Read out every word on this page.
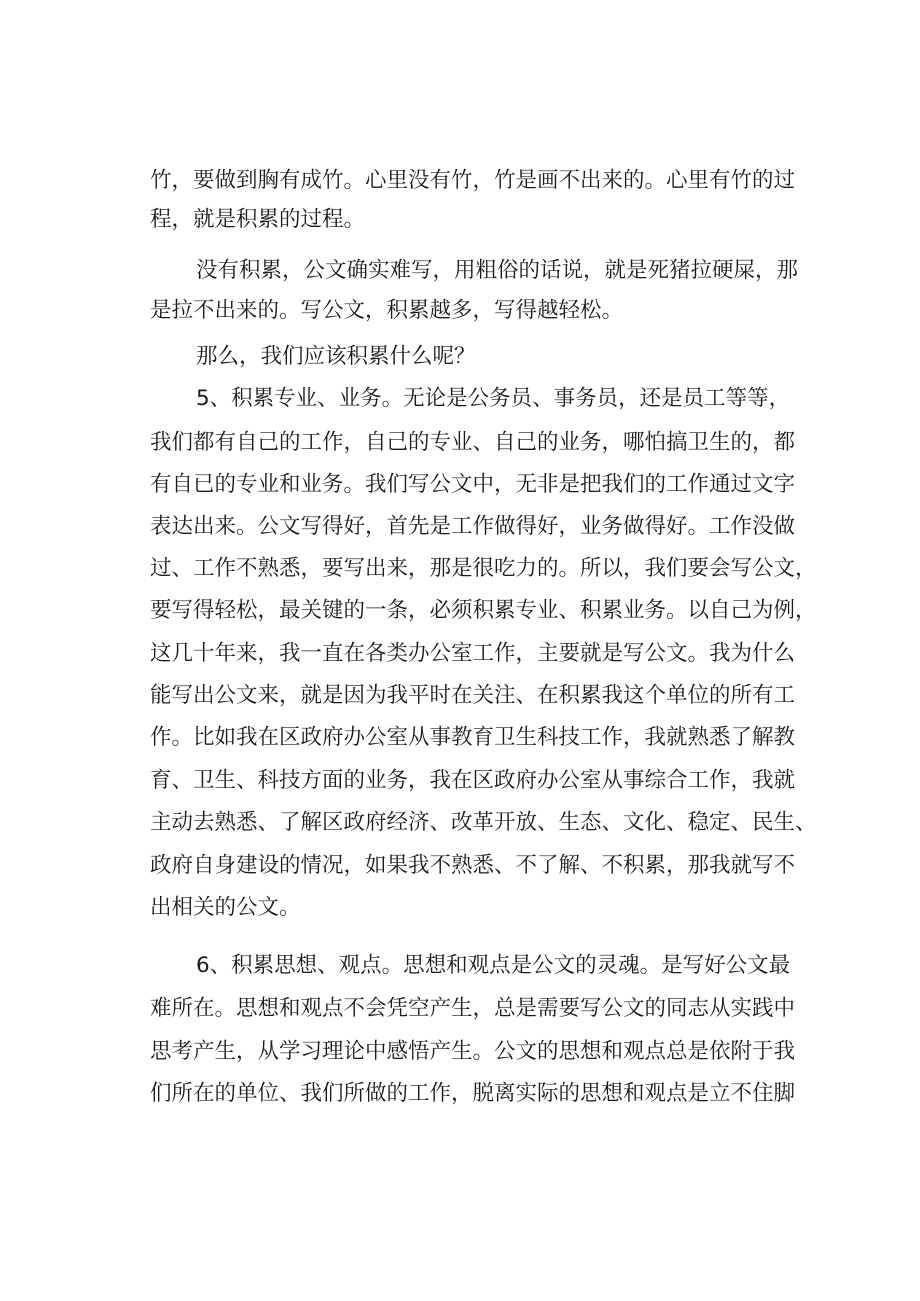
竹，要做到胸有成竹。心里没有竹，竹是画不出来的。心里有竹的过
程，就是积累的过程。
没有积累，公文确实难写，用粗俗的话说，就是死猪拉硬屎，那
是拉不出来的。写公文，积累越多，写得越轻松。
那么，我们应该积累什么呢？
5、积累专业、业务。无论是公务员、事务员，还是员工等等，
我们都有自己的工作，自己的专业、自己的业务，哪怕搞卫生的，都
有自已的专业和业务。我们写公文中，无非是把我们的工作通过文字
表达出来。公文写得好，首先是工作做得好，业务做得好。工作没做
过、工作不熟悉，要写出来，那是很吃力的。所以，我们要会写公文，
要写得轻松，最关键的一条，必须积累专业、积累业务。以自己为例，
这几十年来，我一直在各类办公室工作，主要就是写公文。我为什么
能写出公文来，就是因为我平时在关注、在积累我这个单位的所有工
作。比如我在区政府办公室从事教育卫生科技工作，我就熟悉了解教
育、卫生、科技方面的业务，我在区政府办公室从事综合工作，我就
主动去熟悉、了解区政府经济、改革开放、生态、文化、稳定、民生、
政府自身建设的情况，如果我不熟悉、不了解、不积累，那我就写不
出相关的公文。
6、积累思想、观点。思想和观点是公文的灵魂。是写好公文最
难所在。思想和观点不会凭空产生，总是需要写公文的同志从实践中
思考产生，从学习理论中感悟产生。公文的思想和观点总是依附于我
们所在的单位、我们所做的工作，脱离实际的思想和观点是立不住脚
